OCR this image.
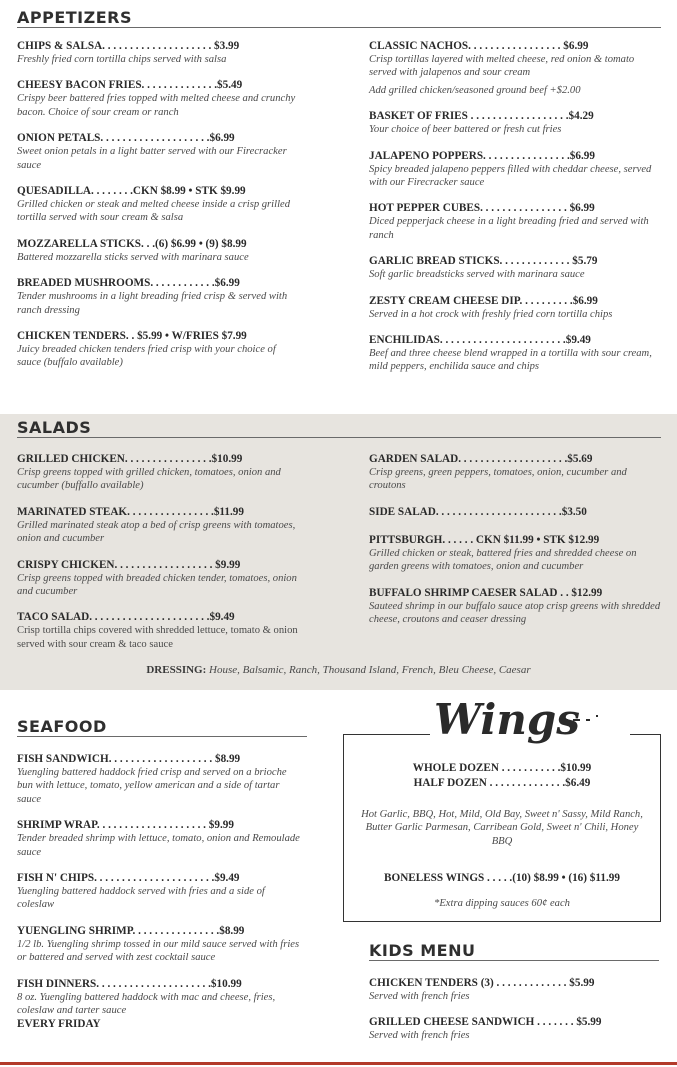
APPETIZERS
CHIPS & SALSA. . . . . . . . . . . . . . . . . . . . $3.99
Freshly fried corn tortilla chips served with salsa
CHEESY BACON FRIES. . . . . . . . . . . . . .$5.49
Crispy beer battered fries topped with melted cheese and crunchy bacon. Choice of sour cream or ranch
ONION PETALS. . . . . . . . . . . . . . . . . . . .$6.99
Sweet onion petals in a light batter served with our Firecracker sauce
QUESADILLA. . . . . . . .CKN $8.99 • STK $9.99
Grilled chicken or steak and melted cheese inside a crisp grilled tortilla served with sour cream & salsa
MOZZARELLA STICKS. . .(6) $6.99 • (9) $8.99
Battered mozzarella sticks served with marinara sauce
BREADED MUSHROOMS. . . . . . . . . . . .$6.99
Tender mushrooms in a light breading fried crisp & served with ranch dressing
CHICKEN TENDERS. . $5.99 • W/FRIES $7.99
Juicy breaded chicken tenders fried crisp with your choice of sauce (buffalo available)
CLASSIC NACHOS. . . . . . . . . . . . . . . . . $6.99
Crisp tortillas layered with melted cheese, red onion & tomato served with jalapenos and sour cream
Add grilled chicken/seasoned ground beef +$2.00
BASKET OF FRIES . . . . . . . . . . . . . . . . . .$4.29
Your choice of beer battered or fresh cut fries
JALAPENO POPPERS. . . . . . . . . . . . . . . .$6.99
Spicy breaded jalapeno peppers filled with cheddar cheese, served with our Firecracker sauce
HOT PEPPER CUBES. . . . . . . . . . . . . . . . $6.99
Diced pepperjack cheese in a light breading fried and served with ranch
GARLIC BREAD STICKS. . . . . . . . . . . . . $5.79
Soft garlic breadsticks served with marinara sauce
ZESTY CREAM CHEESE DIP. . . . . . . . . .$6.99
Served in a hot crock with freshly fried corn tortilla chips
ENCHILIDAS. . . . . . . . . . . . . . . . . . . . . . .$9.49
Beef and three cheese blend wrapped in a tortilla with sour cream, mild peppers, enchilida sauce and chips
SALADS
GRILLED CHICKEN. . . . . . . . . . . . . . . .$10.99
Crisp greens topped with grilled chicken, tomatoes, onion and cucumber (buffallo available)
MARINATED STEAK. . . . . . . . . . . . . . . .$11.99
Grilled marinated steak atop a bed of crisp greens with tomatoes, onion and cucumber
CRISPY CHICKEN. . . . . . . . . . . . . . . . . . $9.99
Crisp greens topped with breaded chicken tender, tomatoes, onion and cucumber
TACO SALAD. . . . . . . . . . . . . . . . . . . . . .$9.49
Crisp tortilla chips covered with shredded lettuce, tomato & onion served with sour cream & taco sauce
GARDEN SALAD. . . . . . . . . . . . . . . . . . . .$5.69
Crisp greens, green peppers, tomatoes, onion, cucumber and croutons
SIDE SALAD. . . . . . . . . . . . . . . . . . . . . . .$3.50
PITTSBURGH. . . . . . CKN $11.99 • STK $12.99
Grilled chicken or steak, battered fries and shredded cheese on garden greens with tomatoes, onion and cucumber
BUFFALO SHRIMP CAESER SALAD . . $12.99
Sauteed shrimp in our buffalo sauce atop crisp greens with shredded cheese, croutons and ceaser dressing
DRESSING: House, Balsamic, Ranch, Thousand Island, French, Bleu Cheese, Caesar
SEAFOOD
FISH SANDWICH. . . . . . . . . . . . . . . . . . . $8.99
Yuengling battered haddock fried crisp and served on a brioche bun with lettuce, tomato, yellow american and a side of tartar sauce
SHRIMP WRAP. . . . . . . . . . . . . . . . . . . . $9.99
Tender breaded shrimp with lettuce, tomato, onion and Remoulade sauce
FISH N' CHIPS. . . . . . . . . . . . . . . . . . . . . .$9.49
Yuengling battered haddock served with fries and a side of coleslaw
YUENGLING SHRIMP. . . . . . . . . . . . . . . .$8.99
1/2 lb. Yuengling shrimp tossed in our mild sauce served with fries or battered and served with zest cocktail sauce
FISH DINNERS. . . . . . . . . . . . . . . . . . . . .$10.99
8 oz. Yuengling battered haddock with mac and cheese, fries, coleslaw and tarter sauce
EVERY FRIDAY
WHOLE DOZEN . . . . . . . . . . .$10.99
HALF DOZEN . . . . . . . . . . . . . .$6.49
Hot Garlic, BBQ, Hot, Mild, Old Bay, Sweet n' Sassy, Mild Ranch, Butter Garlic Parmesan, Carribean Gold, Sweet n' Chili, Honey BBQ
BONELESS WINGS . . . . .(10) $8.99 • (16) $11.99
*Extra dipping sauces 60¢ each
Wings
KIDS MENU
CHICKEN TENDERS (3) . . . . . . . . . . . . . $5.99
Served with french fries
GRILLED CHEESE SANDWICH . . . . . . . $5.99
Served with french fries
